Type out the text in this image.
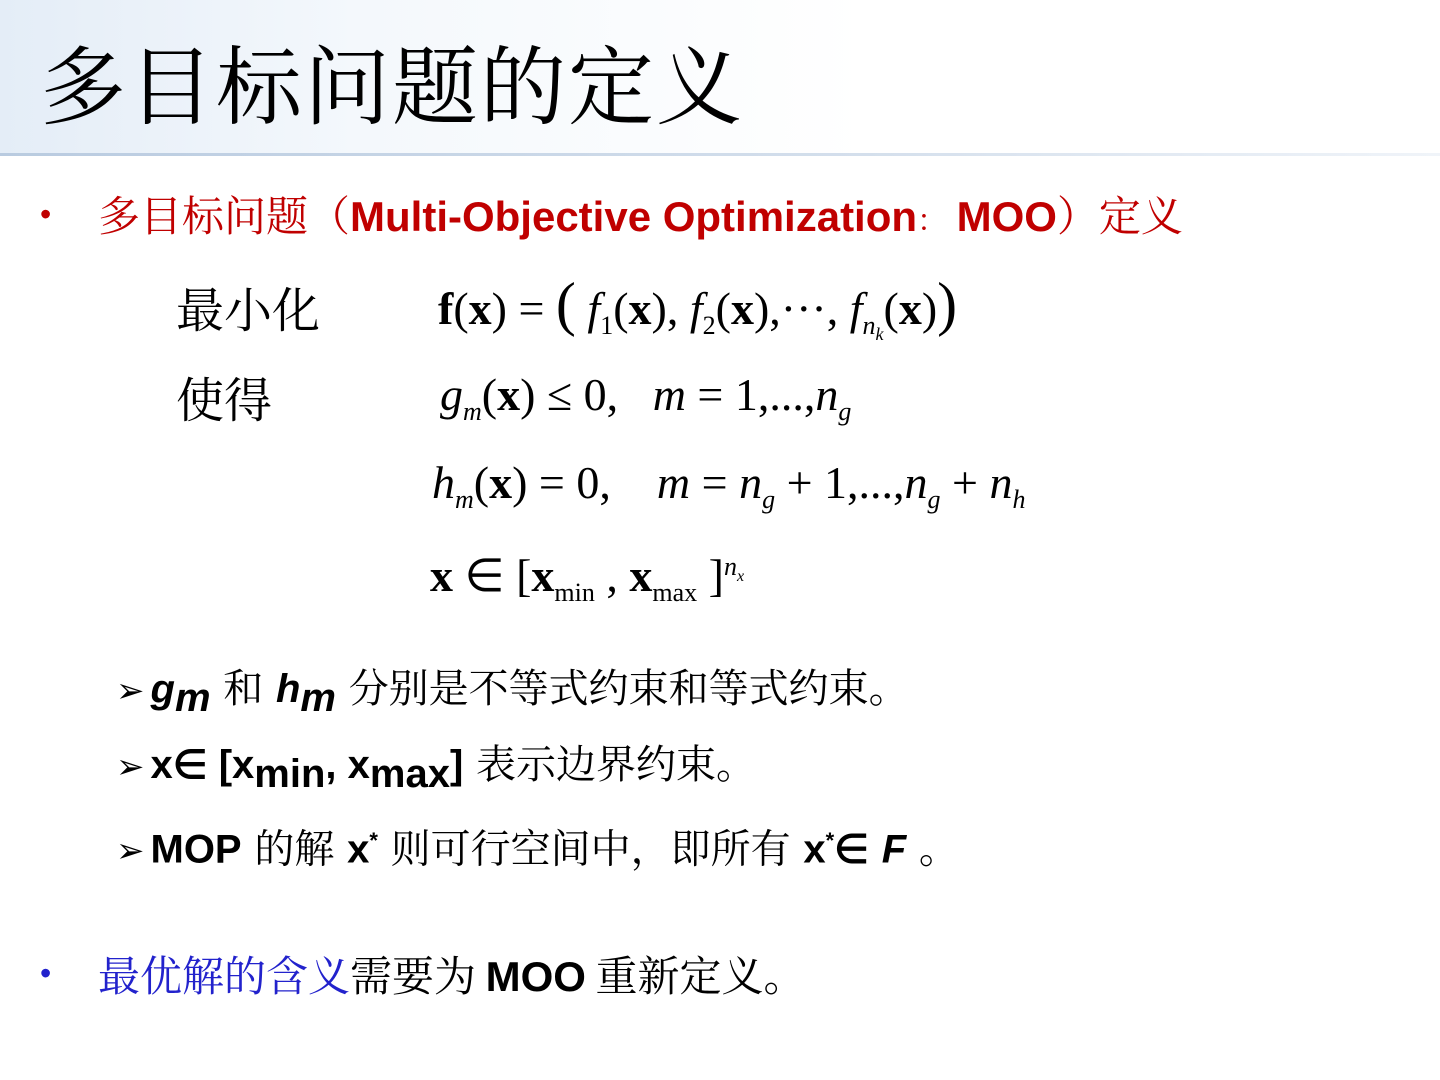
多目标问题的定义
• 多目标问题（Multi-Objective Optimization： MOO）定义
最小化
使得
f(x) = ( $f_1(x)$, $f_2(x),\cdot\cdot\cdot$, $f_{n_k}(x)$)
$g_m(x) \le 0$,   $m = 1,...,n_g$
$h_m(x) = 0$,    $m = n_g + 1,...,n_g + n_h$
x ∈ [$x_{min}$ , $x_{max}$ ]$^{n_x}$
➢ $g_m$ 和 $h_m$ 分别是不等式约束和等式约束。
➢ x∈ [$x_{min}$, $x_{max}$] 表示边界约束。
➢ MOP 的解 x* 则可行空间中，即所有 x*∈ F 。
• 最优解的含义需要为 MOO 重新定义。
